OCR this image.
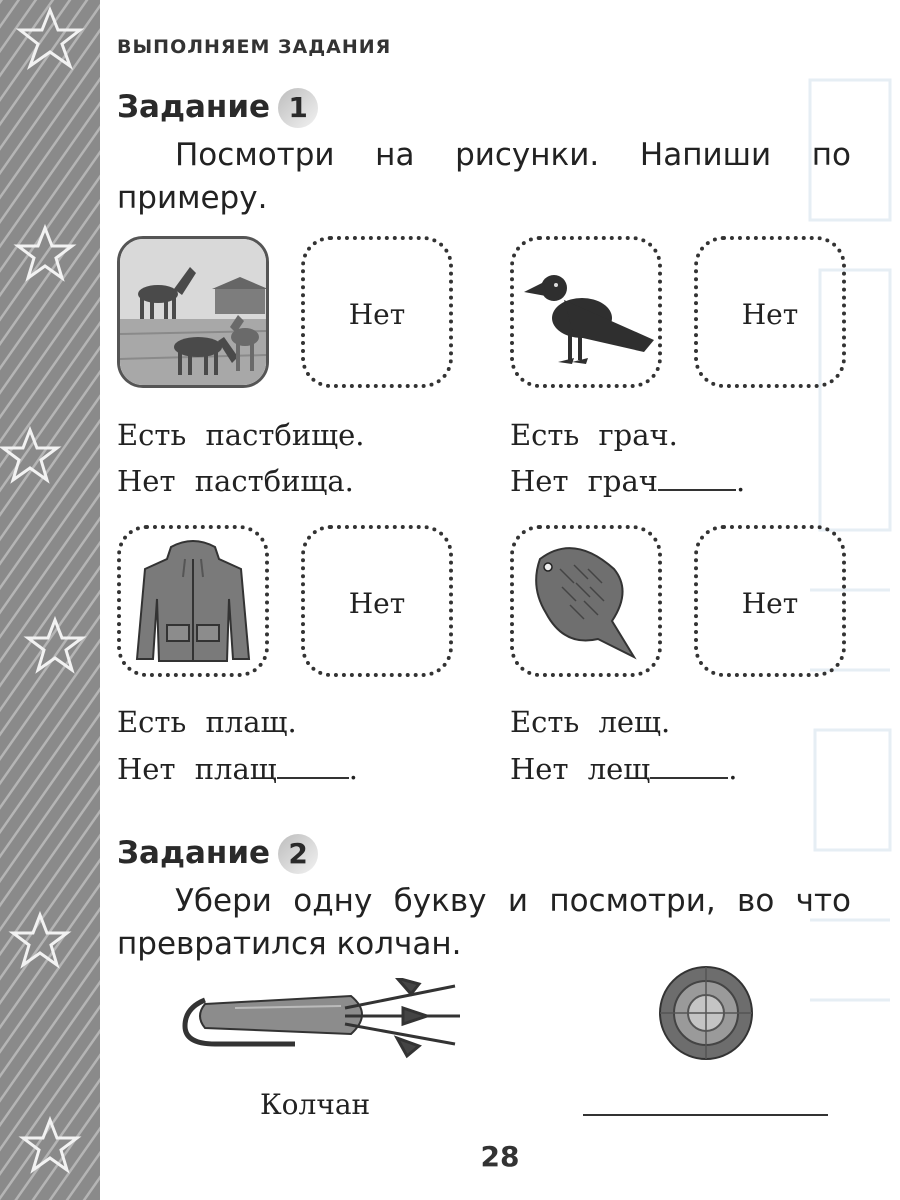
ВЫПОЛНЯЕМ ЗАДАНИЯ
Задание 1
Посмотри на рисунки. Напиши по примеру.
Нет
Есть пастбище.
Нет пастбища.
Нет
Есть грач.
Нет грач	.
Нет
Есть плащ.
Нет плащ .
Нет
Есть лещ.
Нет лещ	.
Задание 2
Убери одну букву и посмотри, во что превратился колчан.
Колчан
28
